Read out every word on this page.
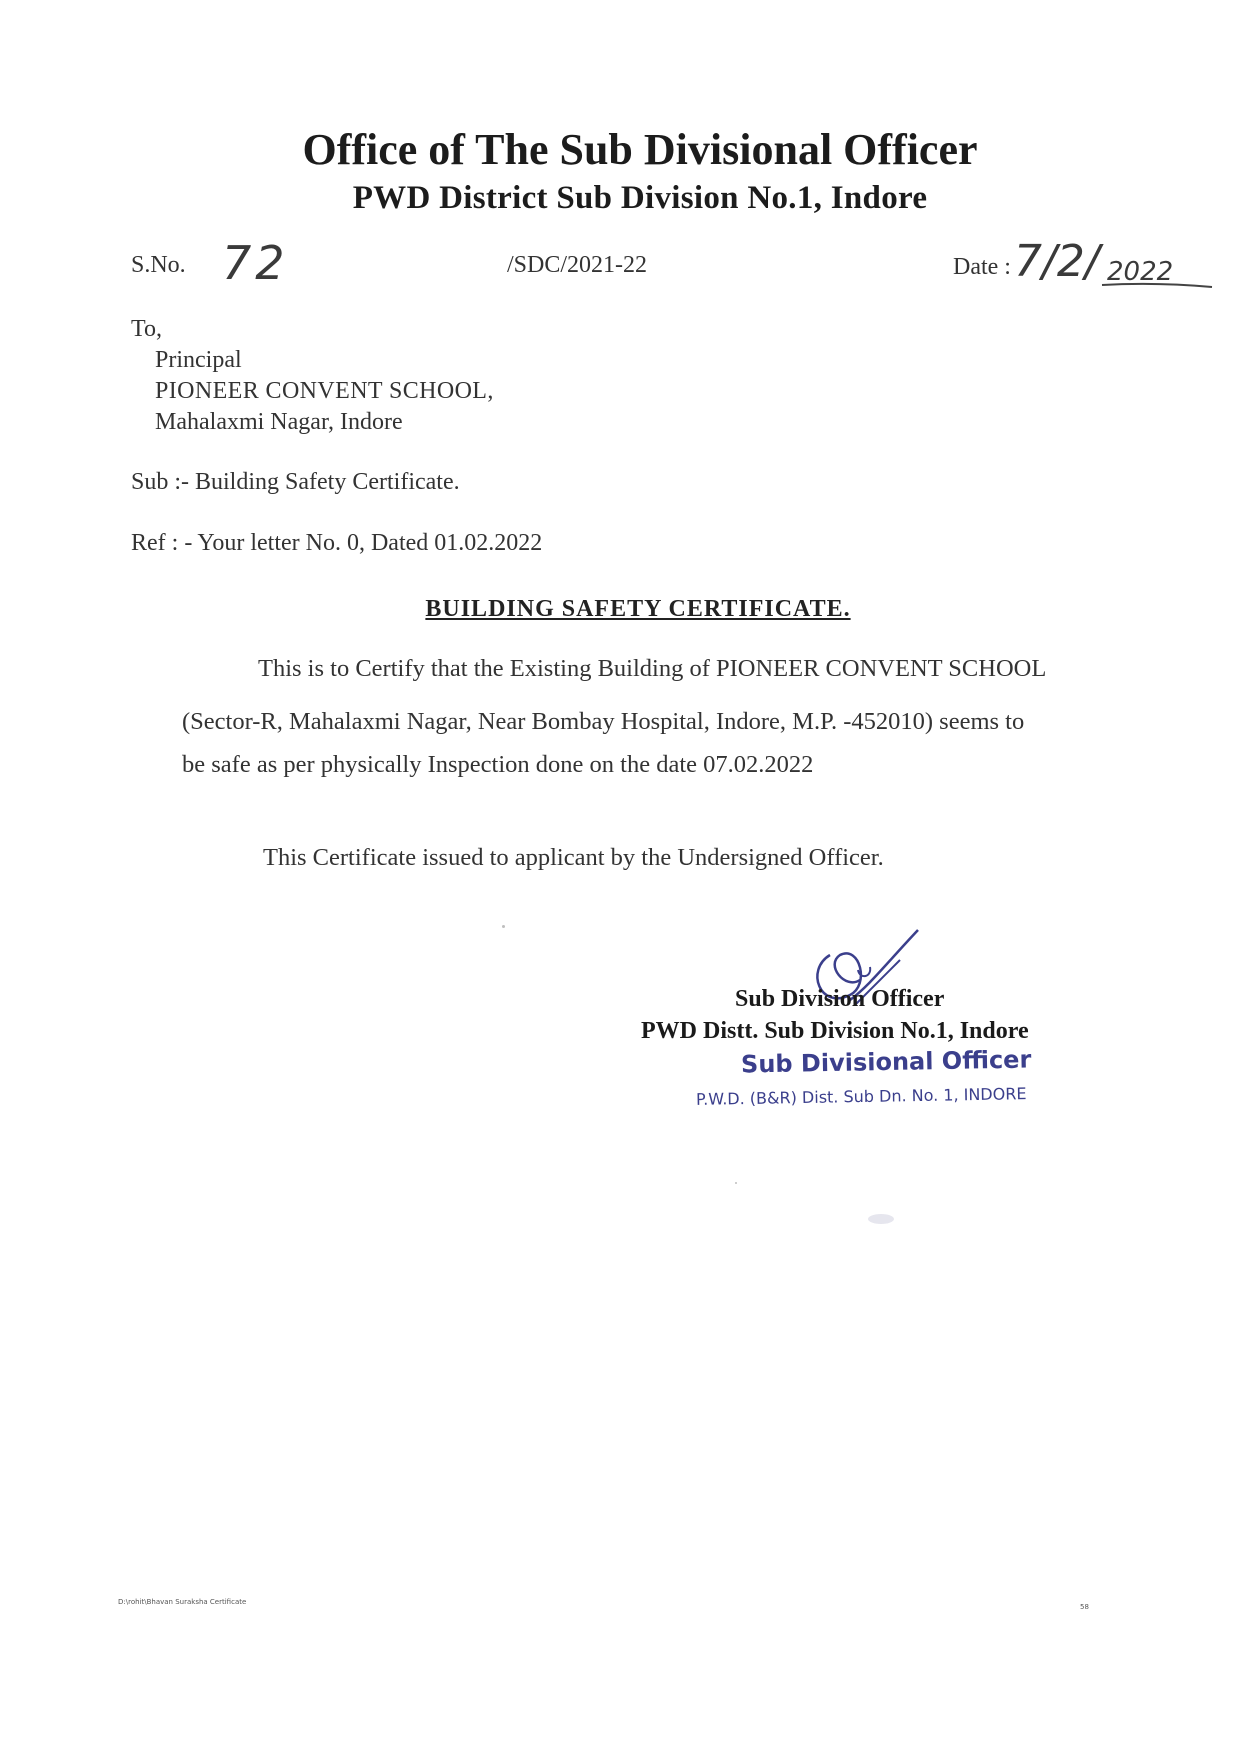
Office of The Sub Divisional Officer
PWD District Sub Division No.1, Indore
S.No. 72	/SDC/2021-22	Date : 7/2/ 2022
To,
Principal
PIONEER CONVENT SCHOOL,
Mahalaxmi Nagar, Indore
Sub :- Building Safety Certificate.
Ref : - Your letter No. 0, Dated 01.02.2022
BUILDING SAFETY CERTIFICATE.
This is to Certify that the Existing Building of PIONEER CONVENT SCHOOL
(Sector-R, Mahalaxmi Nagar, Near Bombay Hospital, Indore, M.P. -452010) seems to
be safe as per physically Inspection done on the date 07.02.2022
This Certificate issued to applicant by the Undersigned Officer.
Sub Division Officer
PWD Distt. Sub Division No.1, Indore
Sub Divisional Officer
P.W.D. (B&R) Dist. Sub Dn. No. 1, INDORE
D:\rohit\Bhavan Suraksha Certificate
58
